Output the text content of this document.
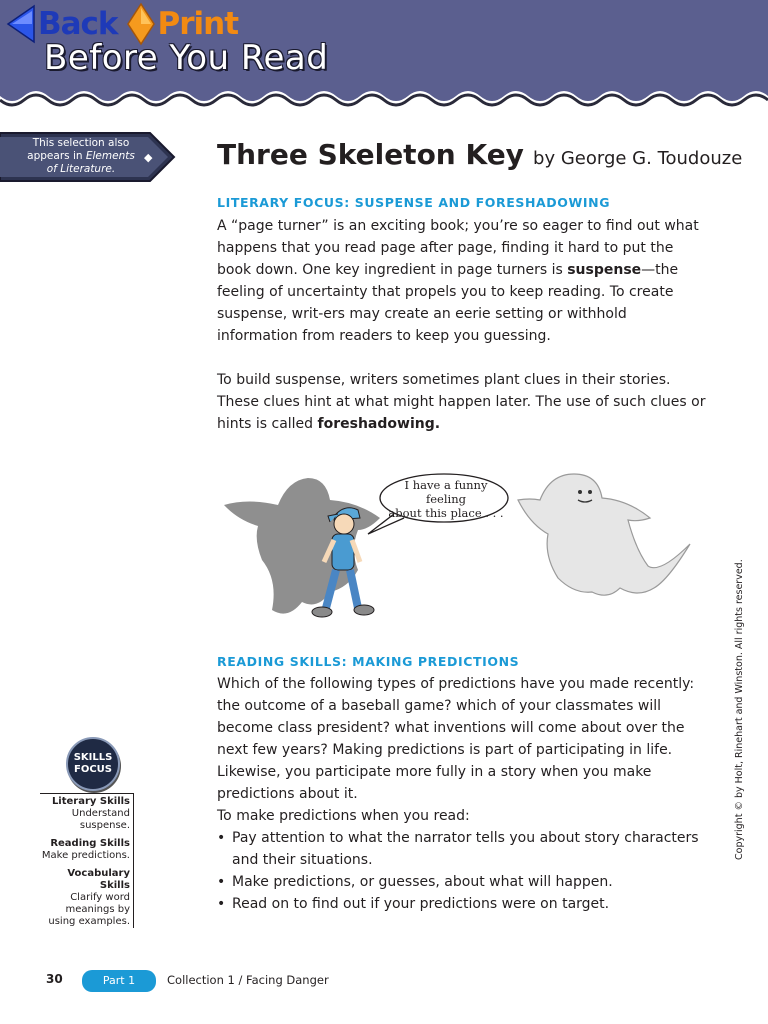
Back Print
Before You Read
This selection also
appears in Elements
of Literature.
◆ Three Skeleton Key by George G. Toudouze
LITERARY FOCUS: SUSPENSE AND FORESHADOWING

A “page turner” is an exciting book; you’re so eager to find out what happens that you read page after page, finding it hard to put the book down. One key ingredient in page turners is suspense—the feeling of uncertainty that propels you to keep reading. To create suspense, writ-ers may create an eerie setting or withhold information from readers to keep you guessing.

To build suspense, writers sometimes plant clues in their stories. These clues hint at what might happen later. The use of such clues or hints is called foreshadowing.

I have a funny feeling
about this place . . .
READING SKILLS: MAKING PREDICTIONS

Which of the following types of predictions have you made recently: the outcome of a baseball game? which of your classmates will become class president? what inventions will come about over the next few years? Making predictions is part of participating in life. Likewise, you participate more fully in a story when you make predictions about it.

To make predictions when you read:

• Pay attention to what the narrator tells you about story characters and their situations.
• Make predictions, or guesses, about what will happen.
• Read on to find out if your predictions were on target.
SKILLS
FOCUS
Literary Skills
Understand suspense.
Reading Skills
Make predictions.
Vocabulary Skills
Clarify word meanings by using examples.
Copyright © by Holt, Rinehart and Winston. All rights reserved.
30	Part 1	Collection 1 / Facing Danger
